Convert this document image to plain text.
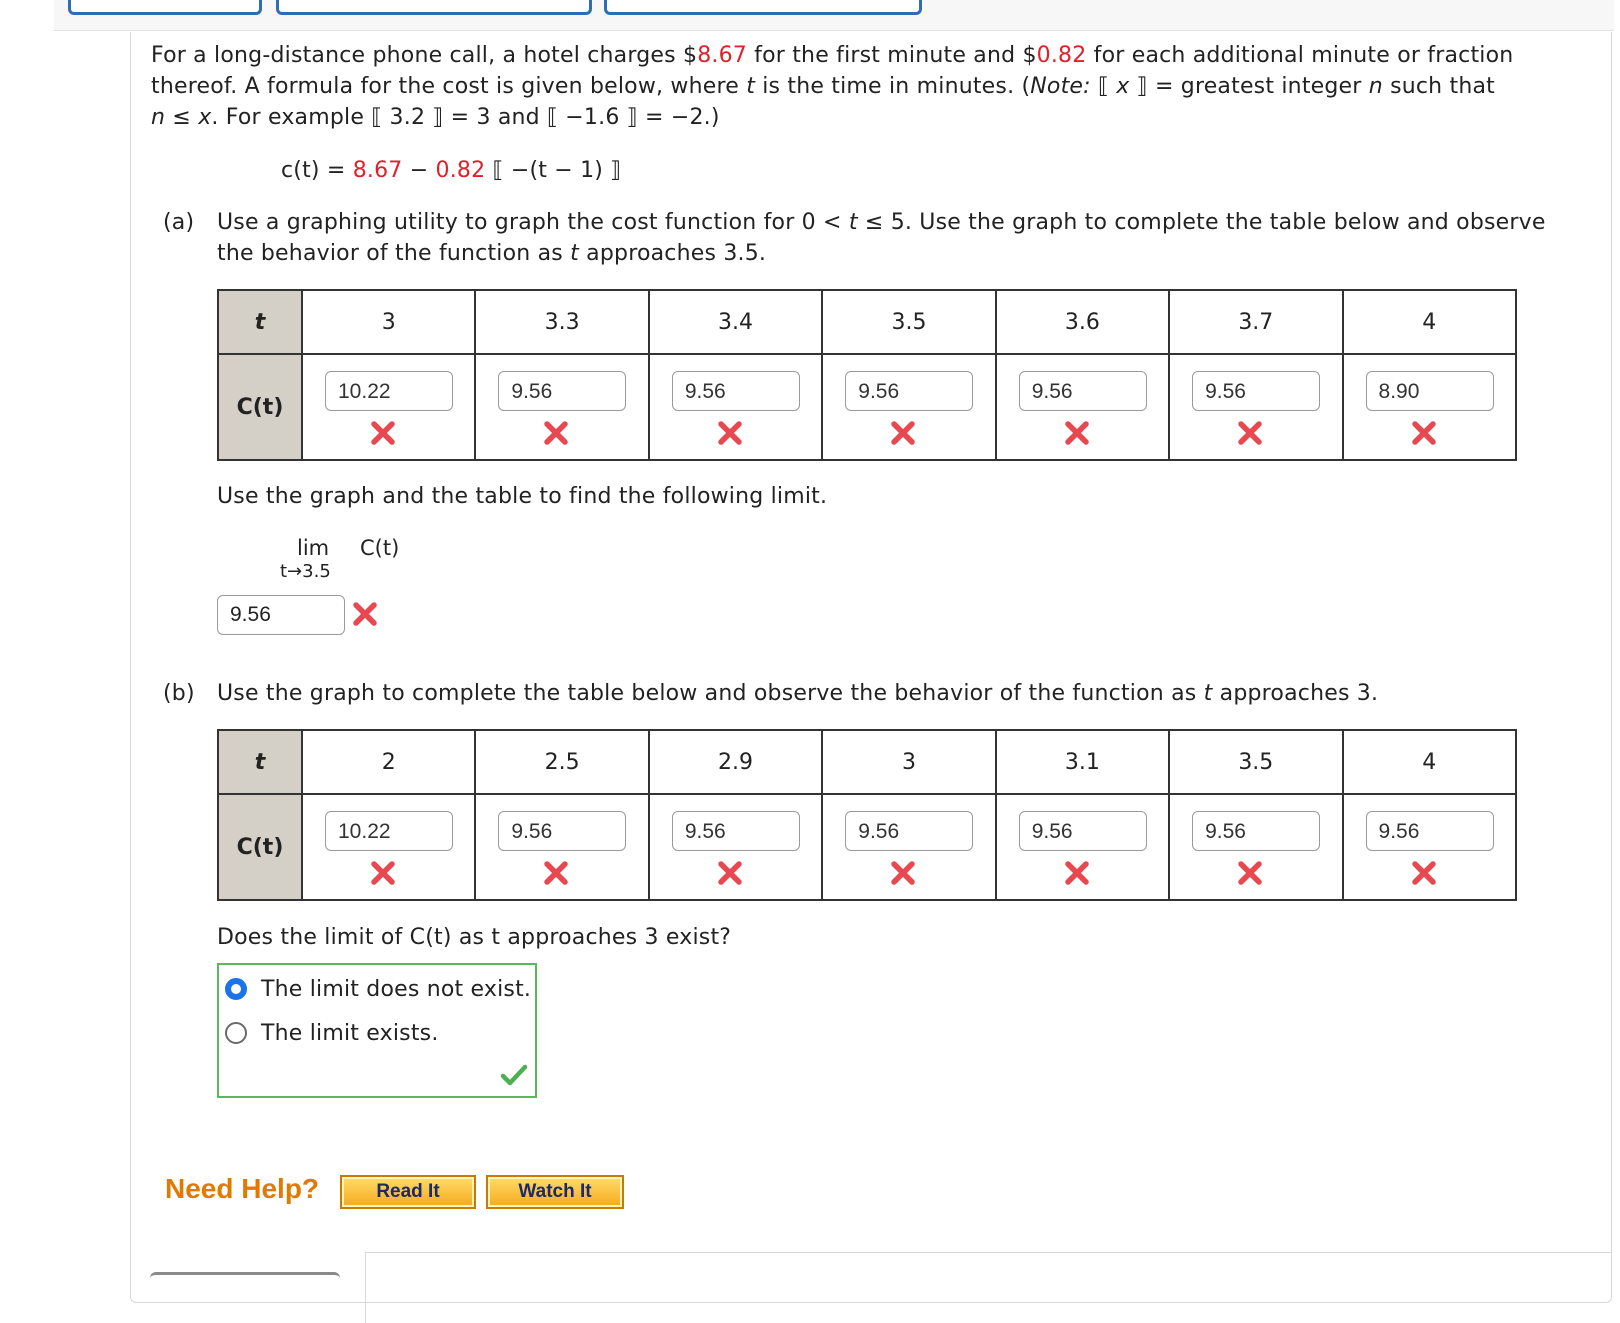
For a long-distance phone call, a hotel charges $8.67 for the first minute and $0.82 for each additional minute or fraction

thereof. A formula for the cost is given below, where t is the time in minutes. (Note: ⟦ x ⟧ = greatest integer n such that

n ≤ x. For example ⟦ 3.2 ⟧ = 3 and ⟦ −1.6 ⟧ = −2.)

c(t) = 8.67 − 0.82 ⟦ −(t − 1) ⟧

(a) Use a graphing utility to graph the cost function for 0 < t ≤ 5. Use the graph to complete the table below and observe

the behavior of the function as t approaches 3.5.

t	3	3.3	3.4	3.5	3.6	3.7	4
C(t)	10.22	9.56	9.56	9.56	9.56	9.56	8.90

Use the graph and the table to find the following limit.

lim
t→3.5
C(t)
9.56

(b) Use the graph to complete the table below and observe the behavior of the function as t approaches 3.

t	2	2.5	2.9	3	3.1	3.5	4
C(t)	10.22	9.56	9.56	9.56	9.56	9.56	9.56

Does the limit of C(t) as t approaches 3 exist?

The limit does not exist.

The limit exists.

Need Help?	Read It	Watch It
